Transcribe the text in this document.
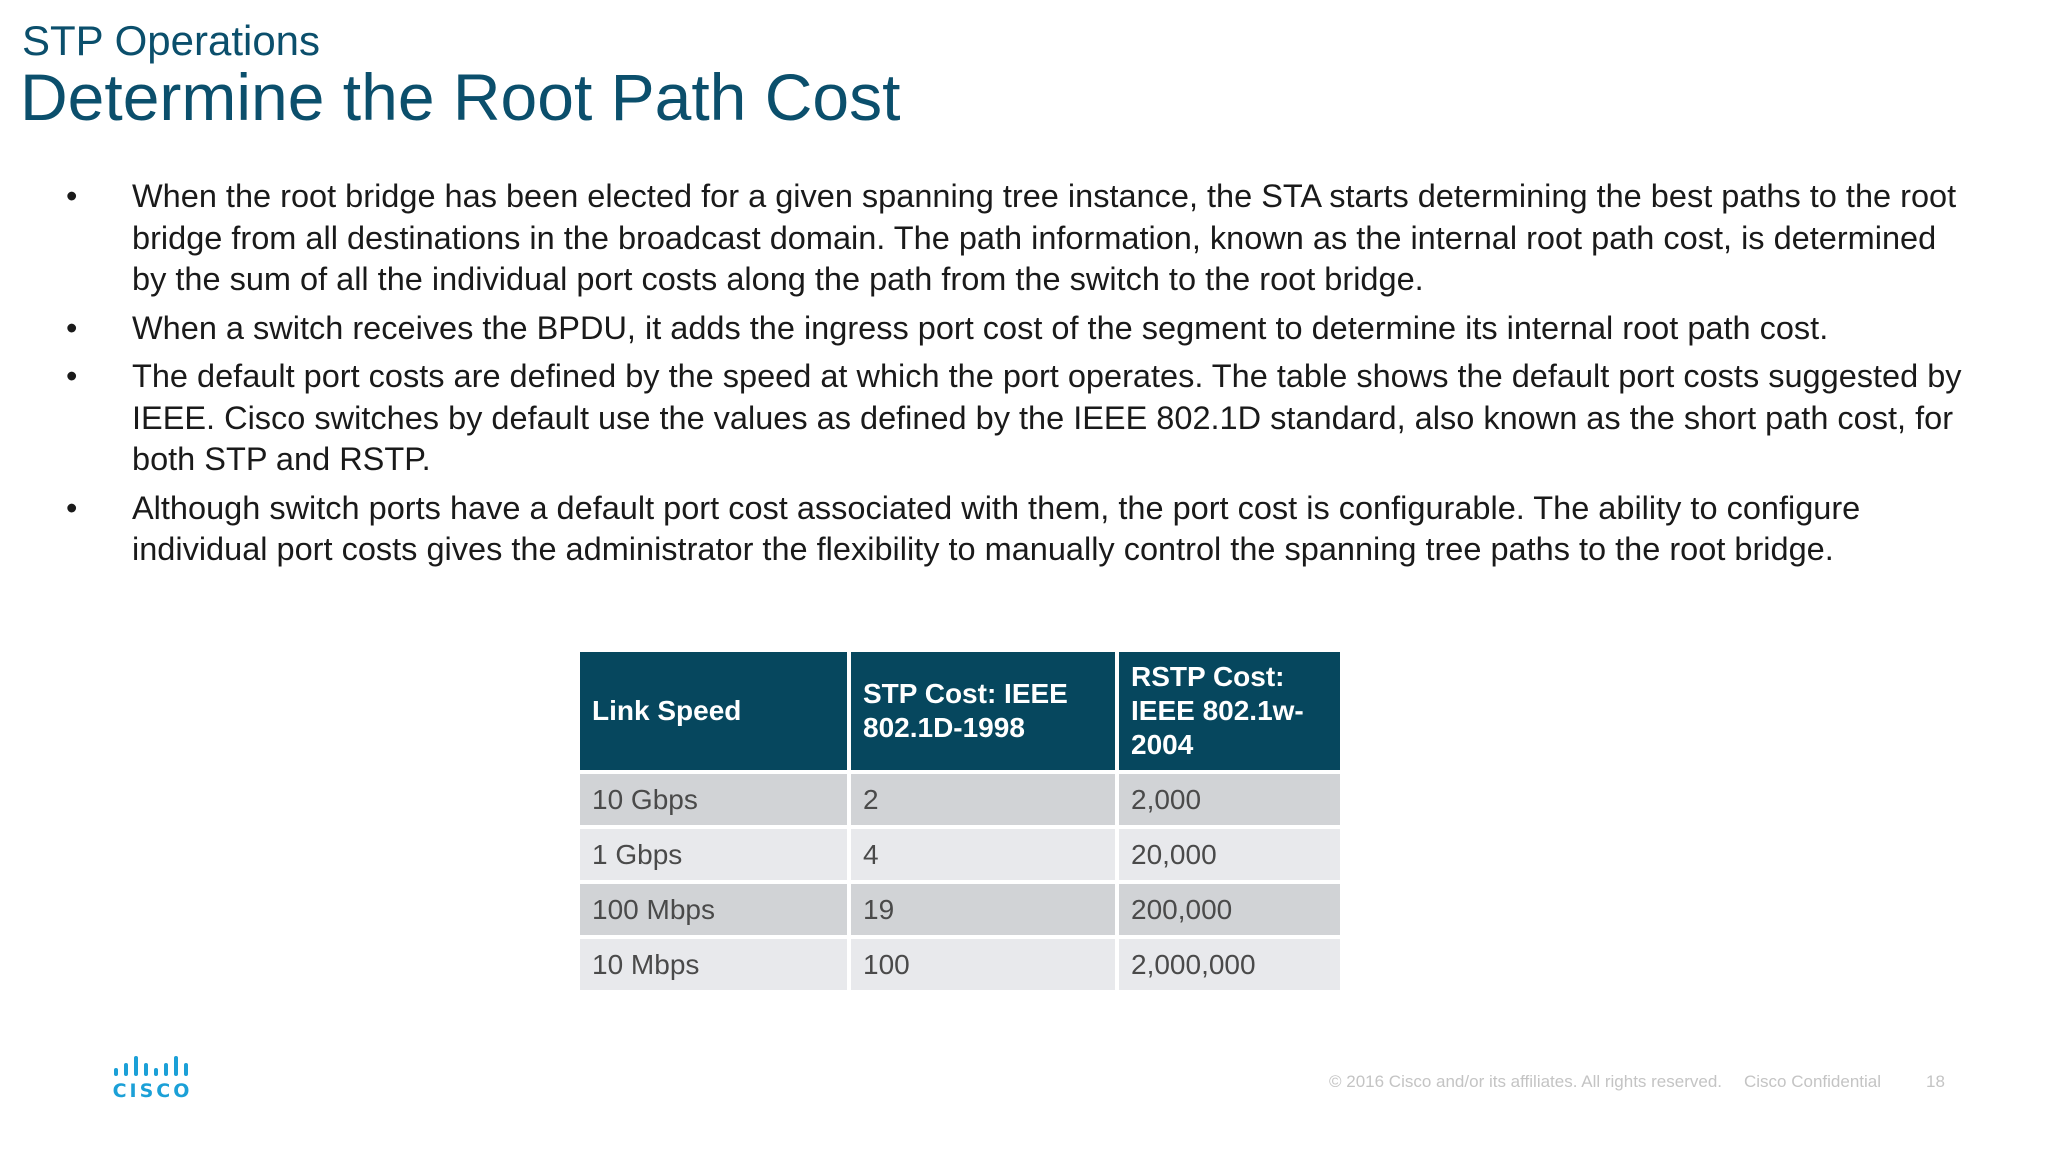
STP Operations
Determine the Root Path Cost
• When the root bridge has been elected for a given spanning tree instance, the STA starts determining the best paths to the root bridge from all destinations in the broadcast domain. The path information, known as the internal root path cost, is determined by the sum of all the individual port costs along the path from the switch to the root bridge.
• When a switch receives the BPDU, it adds the ingress port cost of the segment to determine its internal root path cost.
• The default port costs are defined by the speed at which the port operates. The table shows the default port costs suggested by IEEE. Cisco switches by default use the values as defined by the IEEE 802.1D standard, also known as the short path cost, for both STP and RSTP.
• Although switch ports have a default port cost associated with them, the port cost is configurable. The ability to configure individual port costs gives the administrator the flexibility to manually control the spanning tree paths to the root bridge.
Link Speed	STP Cost: IEEE 802.1D-1998	RSTP Cost: IEEE 802.1w-2004
10 Gbps	2	2,000
1 Gbps	4	20,000
100 Mbps	19	200,000
10 Mbps	100	2,000,000
CISCO	© 2016 Cisco and/or its affiliates. All rights reserved. Cisco Confidential	18
